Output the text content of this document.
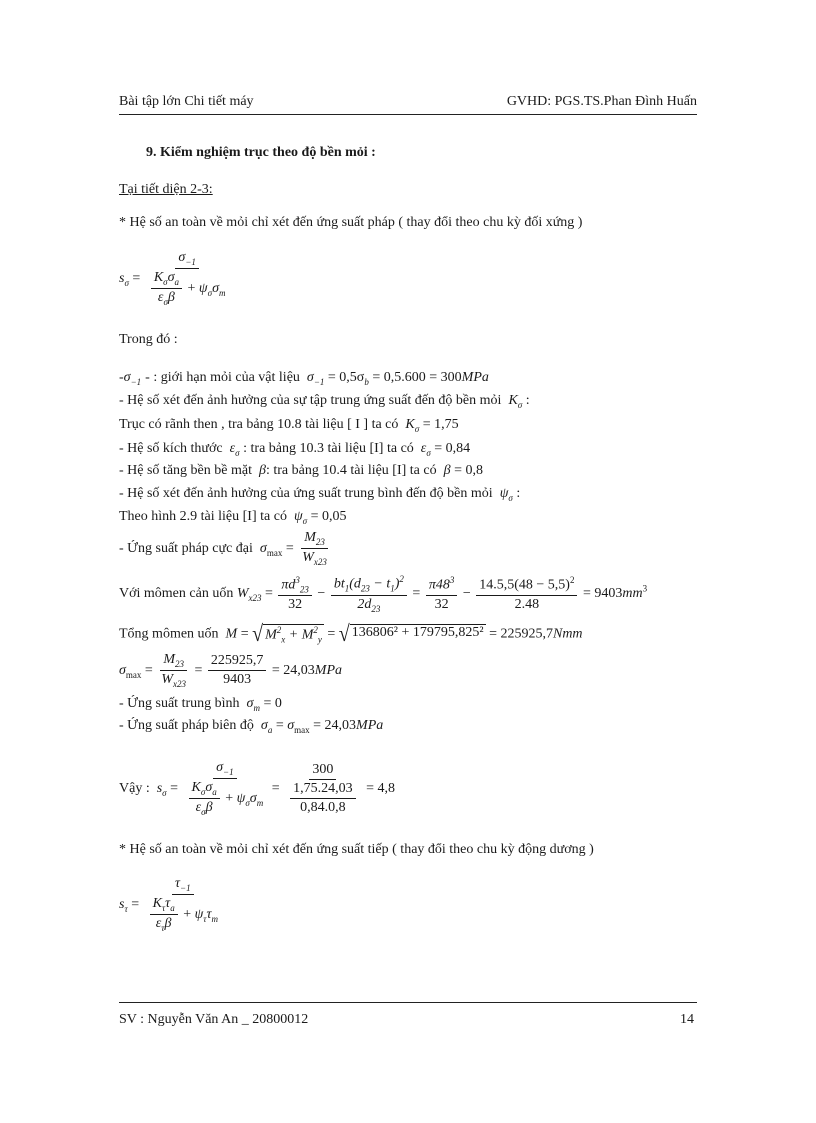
Bài tập lớn Chi tiết máy	GVHD: PGS.TS.Phan Đình Huấn
9. Kiểm nghiệm trục theo độ bền mỏi :
Tại tiết diện 2-3:
* Hệ số an toàn về mỏi chỉ xét đến ứng suất pháp ( thay đổi theo chu kỳ đối xứng )
$s_\sigma = \frac{\sigma_{-1}}{\frac{K_\sigma\sigma_a}{\varepsilon_\sigma\beta} + \psi_\sigma\sigma_m}$
Trong đó :
$-\sigma_{-1}$ - : giới hạn mỏi của vật liệu $\sigma_{-1} = 0,5\sigma_b = 0,5.600 = 300MPa$
- Hệ số xét đến ảnh hưởng của sự tập trung ứng suất đến độ bền mỏi $K_\sigma$ :
Trục có rãnh then , tra bảng 10.8 tài liệu [ I ] ta có $K_\sigma = 1,75$
- Hệ số kích thước $\varepsilon_\sigma$ : tra bảng 10.3 tài liệu [I] ta có $\varepsilon_\sigma = 0,84$
- Hệ số tăng bền bề mặt β: tra bảng 10.4 tài liệu [I] ta có β = 0,8
- Hệ số xét đến ảnh hưởng của ứng suất trung bình đến độ bền mỏi $\psi_\sigma$ :
Theo hình 2.9 tài liệu [I] ta có $\psi_\sigma = 0,05$
- Ứng suất pháp cực đại $\sigma_{max} = \frac{M_{23}}{W_{x23}}$
Với mômen cản uốn $W_{x23} = \frac{\pi d^3_{23}}{32} - \frac{bt_1(d_{23} - t_1)^2}{2d_{23}} = \frac{\pi 48^3}{32} - \frac{14.5,5(48 - 5,5)^2}{2.48} = 9403mm^3$
Tổng mômen uốn M = √ $M^2_x + M^2_y$ = √ 136806² + 179795,825² = 225925,7Nmm
$\sigma_{max} = \frac{M_{23}}{W_{x23}} = \frac{225925,7}{9403} = 24,03MPa$
- Ứng suất trung bình $\sigma_m = 0$
- Ứng suất pháp biên độ $\sigma_a = \sigma_{max} = 24,03MPa$
Vậy : $s_\sigma = \frac{\sigma_{-1}}{\frac{K_\sigma\sigma_a}{\varepsilon_\sigma\beta} + \psi_\sigma\sigma_m} = \frac{300}{\frac{1,75.24,03}{0,84.0,8}} = 4,8$
* Hệ số an toàn về mỏi chỉ xét đến ứng suất tiếp ( thay đổi theo chu kỳ động dương )
$s_\tau = \frac{\tau_{-1}}{\frac{K_\tau\tau_a}{\varepsilon_\tau\beta} + \psi_\tau\tau_m}$
SV : Nguyễn Văn An _ 20800012	14
